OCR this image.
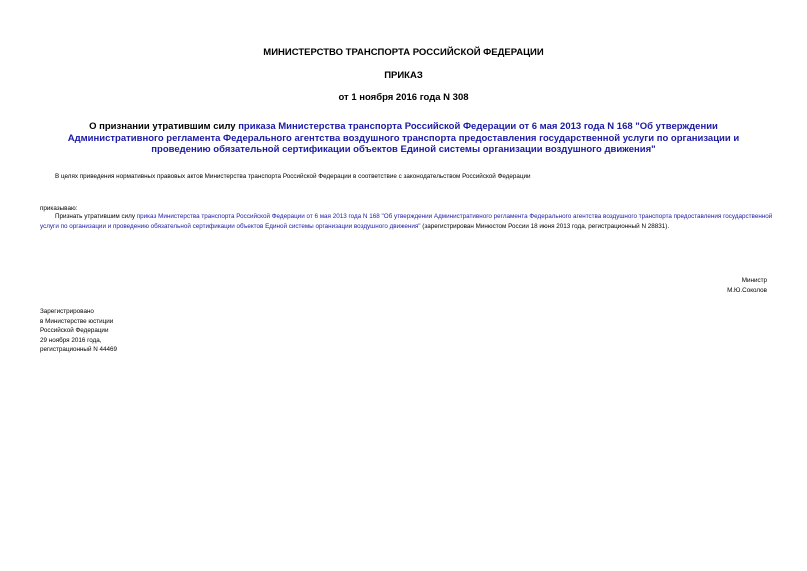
МИНИСТЕРСТВО ТРАНСПОРТА РОССИЙСКОЙ ФЕДЕРАЦИИ
ПРИКАЗ
от 1 ноября 2016 года N 308
О признании утратившим силу приказа Министерства транспорта Российской Федерации от 6 мая 2013 года N 168 "Об утверждении Административного регламента Федерального агентства воздушного транспорта предоставления государственной услуги по организации и проведению обязательной сертификации объектов Единой системы организации воздушного движения"
В целях приведения нормативных правовых актов Министерства транспорта Российской Федерации в соответствие с законодательством Российской Федерации
приказываю:
Признать утратившим силу приказ Министерства транспорта Российской Федерации от 6 мая 2013 года N 168 "Об утверждении Административного регламента Федерального агентства воздушного транспорта предоставления государственной услуги по организации и проведению обязательной сертификации объектов Единой системы организации воздушного движения" (зарегистрирован Минюстом России 18 июня 2013 года, регистрационный N 28831).
Министр
М.Ю.Соколов
Зарегистрировано
в Министерстве юстиции
Российской Федерации
29 ноября 2016 года,
регистрационный N 44469
